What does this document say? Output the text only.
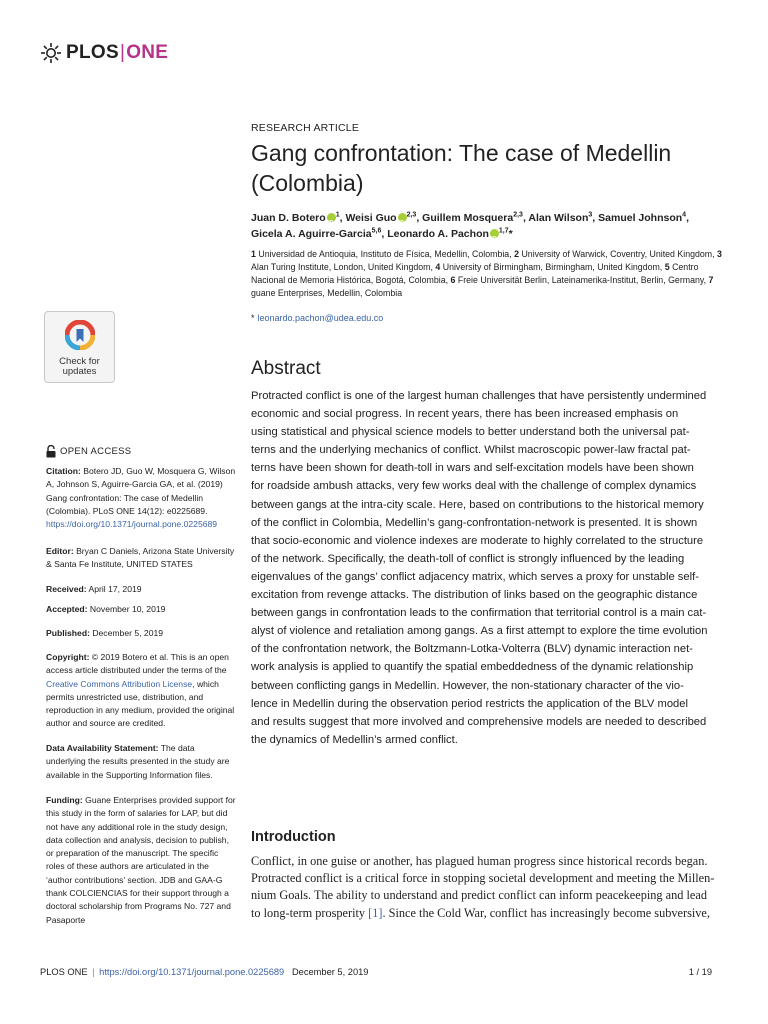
PLOS|ONE
RESEARCH ARTICLE
Gang confrontation: The case of Medellin (Colombia)
Juan D. Botero iD $^1$, Weisi Guo iD $^{2,3}$, Guillem Mosquera$^{2,3}$, Alan Wilson$^3$, Samuel Johnson$^4$,
Gicela A. Aguirre-Garcia$^{5,6}$, Leonardo A. Pachon iD $^{1,7}$*
1 Universidad de Antioquia, Instituto de Física, Medellin, Colombia, 2 University of Warwick, Coventry, United Kingdom, 3 Alan Turing Institute, London, United Kingdom, 4 University of Birmingham, Birmingham, United Kingdom, 5 Centro Nacional de Memoria Histórica, Bogotá, Colombia, 6 Freie Universität Berlin, Lateinamerika-Institut, Berlin, Germany, 7 guane Enterprises, Medellin, Colombia
* leonardo.pachon@udea.edu.co
Abstract
Protracted conflict is one of the largest human challenges that have persistently undermined
economic and social progress. In recent years, there has been increased emphasis on
using statistical and physical science models to better understand both the universal pat-
terns and the underlying mechanics of conflict. Whilst macroscopic power-law fractal pat-
terns have been shown for death-toll in wars and self-excitation models have been shown
for roadside ambush attacks, very few works deal with the challenge of complex dynamics
between gangs at the intra-city scale. Here, based on contributions to the historical memory
of the conflict in Colombia, Medellin’s gang-confrontation-network is presented. It is shown
that socio-economic and violence indexes are moderate to highly correlated to the structure
of the network. Specifically, the death-toll of conflict is strongly influenced by the leading
eigenvalues of the gangs’ conflict adjacency matrix, which serves a proxy for unstable self-
excitation from revenge attacks. The distribution of links based on the geographic distance
between gangs in confrontation leads to the confirmation that territorial control is a main cat-
alyst of violence and retaliation among gangs. As a first attempt to explore the time evolution
of the confrontation network, the Boltzmann-Lotka-Volterra (BLV) dynamic interaction net-
work analysis is applied to quantify the spatial embeddedness of the dynamic relationship
between conflicting gangs in Medellin. However, the non-stationary character of the vio-
lence in Medellin during the observation period restricts the application of the BLV model
and results suggest that more involved and comprehensive models are needed to described
the dynamics of Medellin’s armed conflict.
Introduction
Conflict, in one guise or another, has plagued human progress since historical records began.
Protracted conflict is a critical force in stopping societal development and meeting the Millen-
nium Goals. The ability to understand and predict conflict can inform peacekeeping and lead
to long-term prosperity [1]. Since the Cold War, conflict has increasingly become subversive,
Check for
updates
OPEN ACCESS
Citation: Botero JD, Guo W, Mosquera G, Wilson A, Johnson S, Aguirre-Garcia GA, et al. (2019) Gang confrontation: The case of Medellin (Colombia). PLoS ONE 14(12): e0225689. https://doi.org/10.1371/journal.pone.0225689
Editor: Bryan C Daniels, Arizona State University & Santa Fe Institute, UNITED STATES
Received: April 17, 2019
Accepted: November 10, 2019
Published: December 5, 2019
Copyright: © 2019 Botero et al. This is an open access article distributed under the terms of the Creative Commons Attribution License, which permits unrestricted use, distribution, and reproduction in any medium, provided the original author and source are credited.
Data Availability Statement: The data underlying the results presented in the study are available in the Supporting Information files.
Funding: Guane Enterprises provided support for this study in the form of salaries for LAP, but did not have any additional role in the study design, data collection and analysis, decision to publish, or preparation of the manuscript. The specific roles of these authors are articulated in the ‘author contributions’ section. JDB and GAA-G thank COLCIENCIAS for their support through a doctoral scholarship from Programs No. 727 and Pasaporte
PLOS ONE | https://doi.org/10.1371/journal.pone.0225689 December 5, 2019	1 / 19
